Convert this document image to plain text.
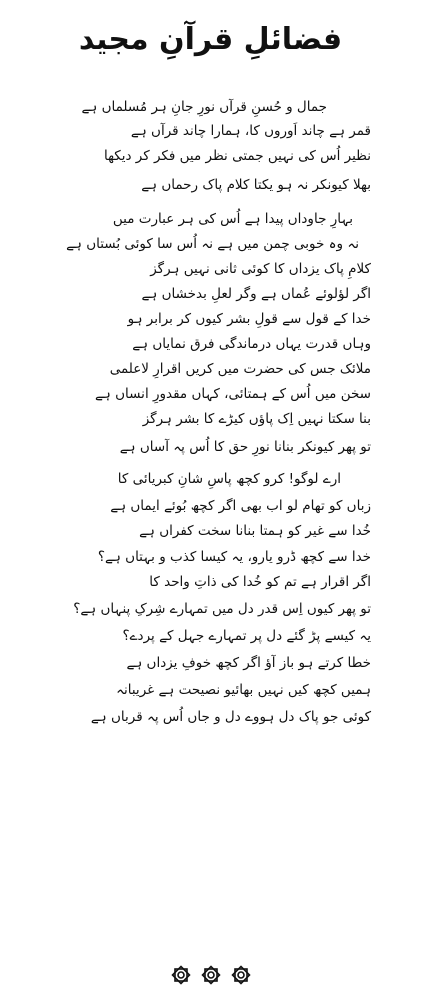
فضائلِ قرآنِ مجید
جمال و حُسنِ قرآں نورِ جانِ ہر مُسلماں ہے
قمر ہے چاند اَوروں کا، ہمارا چاند قرآں ہے
نظیر اُس کی نہیں جمتی نظر میں فکر کر دیکھا
بھلا کیونکر نہ ہو یکتا کلام پاک رحماں ہے
بہارِ جاوداں پیدا ہے اُس کی ہر عبارت میں
نہ وہ خوبی چمن میں ہے نہ اُس سا کوئی بُستاں ہے
کلامِ پاک یزداں کا کوئی ثانی نہیں ہرگز
اگر لؤلوئے عُماں ہے وگر لعلِ بدخشاں ہے
خدا کے قول سے قولِ بشر کیوں کر برابر ہو
وہاں قدرت یہاں درماندگی فرق نمایاں ہے
ملائک جس کی حضرت میں کریں اقرارِ لاعلمی
سخن میں اُس کے ہمتائی، کہاں مقدورِ انساں ہے
بنا سکتا نہیں اِک پاؤں کیڑے کا بشر ہرگز
تو پھر کیونکر بنانا نورِ حق کا اُس پہ آساں ہے
ارے لوگو! کرو کچھ پاسِ شانِ کبریائی کا
زباں کو تھام لو اب بھی اگر کچھ بُوئے ایماں ہے
خُدا سے غیر کو ہمتا بنانا سخت کفراں ہے
خدا سے کچھ ڈرو یارو، یہ کیسا کذب و بہتاں ہے؟
اگر اقرار ہے تم کو خُدا کی ذاتِ واحد کا
تو پھر کیوں اِس قدر دل میں تمہارے شِرکِ پنہاں ہے؟
یہ کیسے پڑ گئے دل پر تمہارے جہل کے پردے؟
خطا کرتے ہو باز آؤ اگر کچھ خوفِ یزداں ہے
ہمیں کچھ کیں نہیں بھائیو نصیحت ہے غریبانہ
کوئی جو پاک دل ہووے دل و جاں اُس پہ قرباں ہے
